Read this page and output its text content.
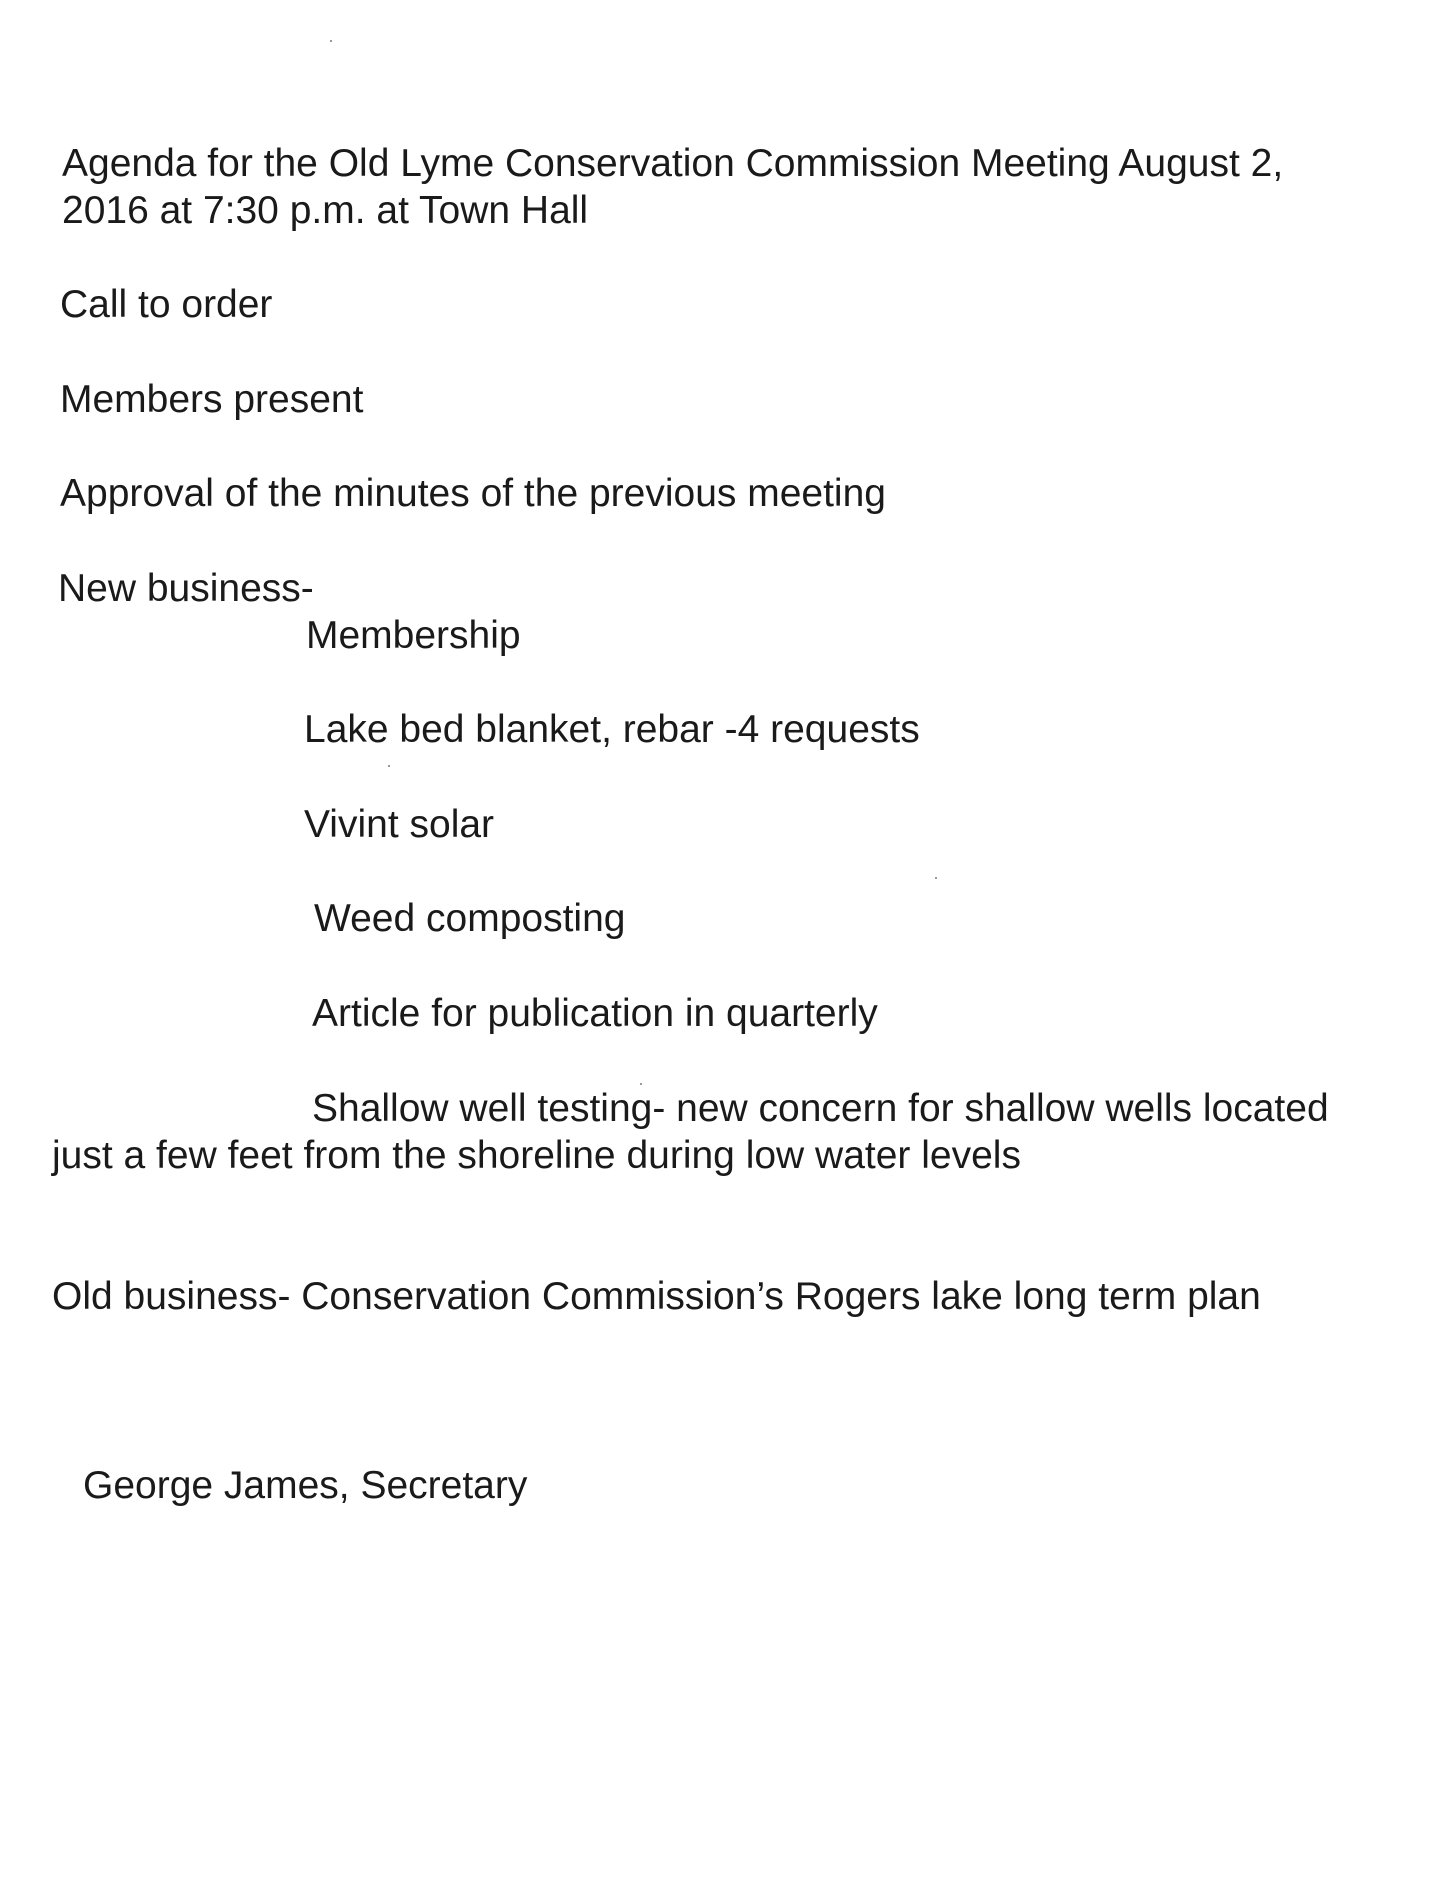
Agenda for the Old Lyme Conservation Commission Meeting August 2,

2016 at 7:30 p.m. at Town Hall

Call to order

Members present

Approval of the minutes of the previous meeting

New business-

Membership

Lake bed blanket, rebar -4 requests

Vivint solar

Weed composting

Article for publication in quarterly

Shallow well testing- new concern for shallow wells located

just a few feet from the shoreline during low water levels

Old business- Conservation Commission’s Rogers lake long term plan

George James, Secretary
